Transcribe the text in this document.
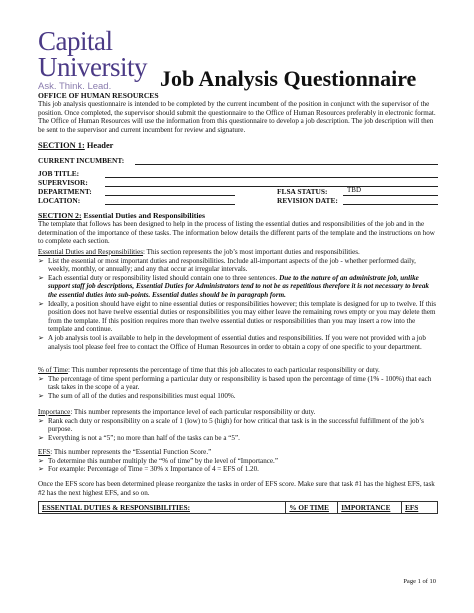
Capital
University
Ask. Think. Lead.	Job Analysis Questionnaire
OFFICE OF HUMAN RESOURCES
This job analysis questionnaire is intended to be completed by the current incumbent of the position in conjunct with the supervisor of the position. Once completed, the supervisor should submit the questionnaire to the Office of Human Resources preferably in electronic format. The Office of Human Resources will use the information from this questionnaire to develop a job description. The job description will then be sent to the supervisor and current incumbent for review and signature.
SECTION 1: Header
CURRENT INCUMBENT:
JOB TITLE:
SUPERVISOR:
DEPARTMENT:
LOCATION:
FLSA STATUS:	TBD
REVISION DATE:
SECTION 2: Essential Duties and Responsibilities
The template that follows has been designed to help in the process of listing the essential duties and responsibilities of the job and in the determination of the importance of these tasks. The information below details the different parts of the template and the instructions on how to complete each section.
Essential Duties and Responsibilities: This section represents the job’s most important duties and responsibilities.
➢ List the essential or most important duties and responsibilities. Include all-important aspects of the job - whether performed daily, weekly, monthly, or annually; and any that occur at irregular intervals.
➢ Each essential duty or responsibility listed should contain one to three sentences. Due to the nature of an administrate job, unlike support staff job descriptions, Essential Duties for Administrators tend to not be as repetitious therefore it is not necessary to break the essential duties into sub-points. Essential duties should be in paragraph form.
➢ Ideally, a position should have eight to nine essential duties or responsibilities however; this template is designed for up to twelve. If this position does not have twelve essential duties or responsibilities you may either leave the remaining rows empty or you may delete them from the template. If this position requires more than twelve essential duties or responsibilities than you may insert a row into the template and continue.
➢ A job analysis tool is available to help in the development of essential duties and responsibilities. If you were not provided with a job analysis tool please feel free to contact the Office of Human Resources in order to obtain a copy of one specific to your department.
% of Time: This number represents the percentage of time that this job allocates to each particular responsibility or duty.
➢ The percentage of time spent performing a particular duty or responsibility is based upon the percentage of time (1% - 100%) that each task takes in the scope of a year.
➢ The sum of all of the duties and responsibilities must equal 100%.
Importance: This number represents the importance level of each particular responsibility or duty.
➢ Rank each duty or responsibility on a scale of 1 (low) to 5 (high) for how critical that task is in the successful fulfillment of the job’s purpose.
➢ Everything is not a “5”; no more than half of the tasks can be a “5”.
EFS: This number represents the “Essential Function Score.”
➢ To determine this number multiply the “% of time” by the level of “Importance.”
➢ For example: Percentage of Time = 30% x Importance of 4 = EFS of 1.20.
Once the EFS score has been determined please reorganize the tasks in order of EFS score. Make sure that task #1 has the highest EFS, task #2 has the next highest EFS, and so on.
ESSENTIAL DUTIES & RESPONSIBILITIES:	% OF TIME	IMPORTANCE	EFS
Page 1 of 10
